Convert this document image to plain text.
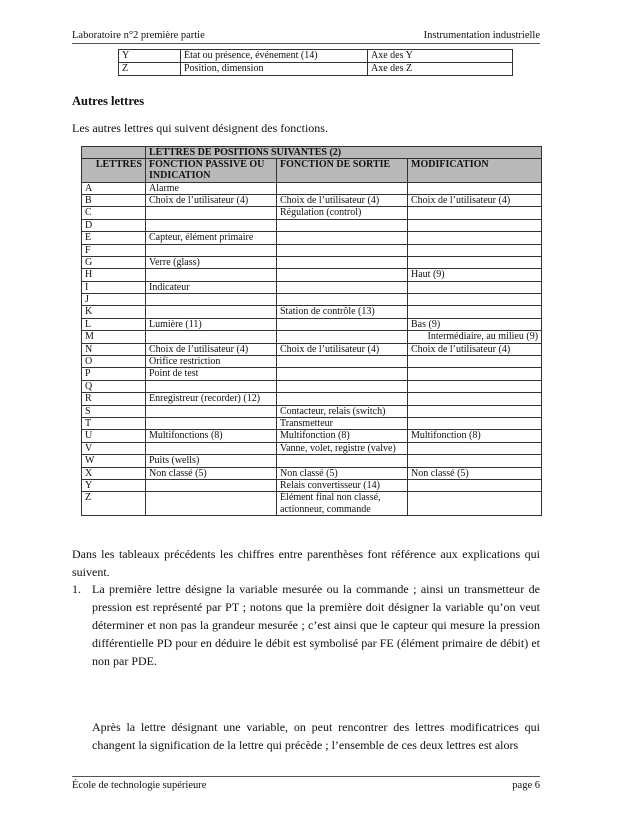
Laboratoire n°2 première partie	Instrumentation industrielle
Y	État ou présence, événement (14)	Axe des Y
Z	Position, dimension	Axe des Z
Autres lettres
Les autres lettres qui suivent désignent des fonctions.
	LETTRES DE POSITIONS SUIVANTES (2)		
LETTRES	FONCTION PASSIVE OU INDICATION	FONCTION DE SORTIE	MODIFICATION
A	Alarme		
B	Choix de l’utilisateur (4)	Choix de l’utilisateur (4)	Choix de l’utilisateur (4)
C		Régulation (control)	
D			
E	Capteur, élément primaire		
F			
G	Verre (glass)		
H			Haut (9)
I	Indicateur		
J			
K		Station de contrôle (13)	
L	Lumière (11)		Bas (9)
M			Intermédiaire, au milieu (9)
N	Choix de l’utilisateur (4)	Choix de l’utilisateur (4)	Choix de l’utilisateur (4)
O	Orifice restriction		
P	Point de test		
Q			
R	Enregistreur (recorder) (12)		
S		Contacteur, relais (switch)	
T		Transmetteur	
U	Multifonctions (8)	Multifonction (8)	Multifonction (8)
V		Vanne, volet, registre (valve)	
W	Puits (wells)		
X	Non classé (5)	Non classé (5)	Non classé (5)
Y		Relais convertisseur (14)	
Z		Élément final non classé, actionneur, commande	
Dans les tableaux précédents les chiffres entre parenthèses font référence aux explications qui suivent.
1. La première lettre désigne la variable mesurée ou la commande ; ainsi un transmetteur de pression est représenté par PT ; notons que la première doit désigner la variable qu’on veut déterminer et non pas la grandeur mesurée ; c’est ainsi que le capteur qui mesure la pression différentielle PD pour en déduire le débit est symbolisé par FE (élément primaire de débit) et non par PDE.
Après la lettre désignant une variable, on peut rencontrer des lettres modificatrices qui changent la signification de la lettre qui précède ; l’ensemble de ces deux lettres est alors
École de technologie supérieure	page 6
